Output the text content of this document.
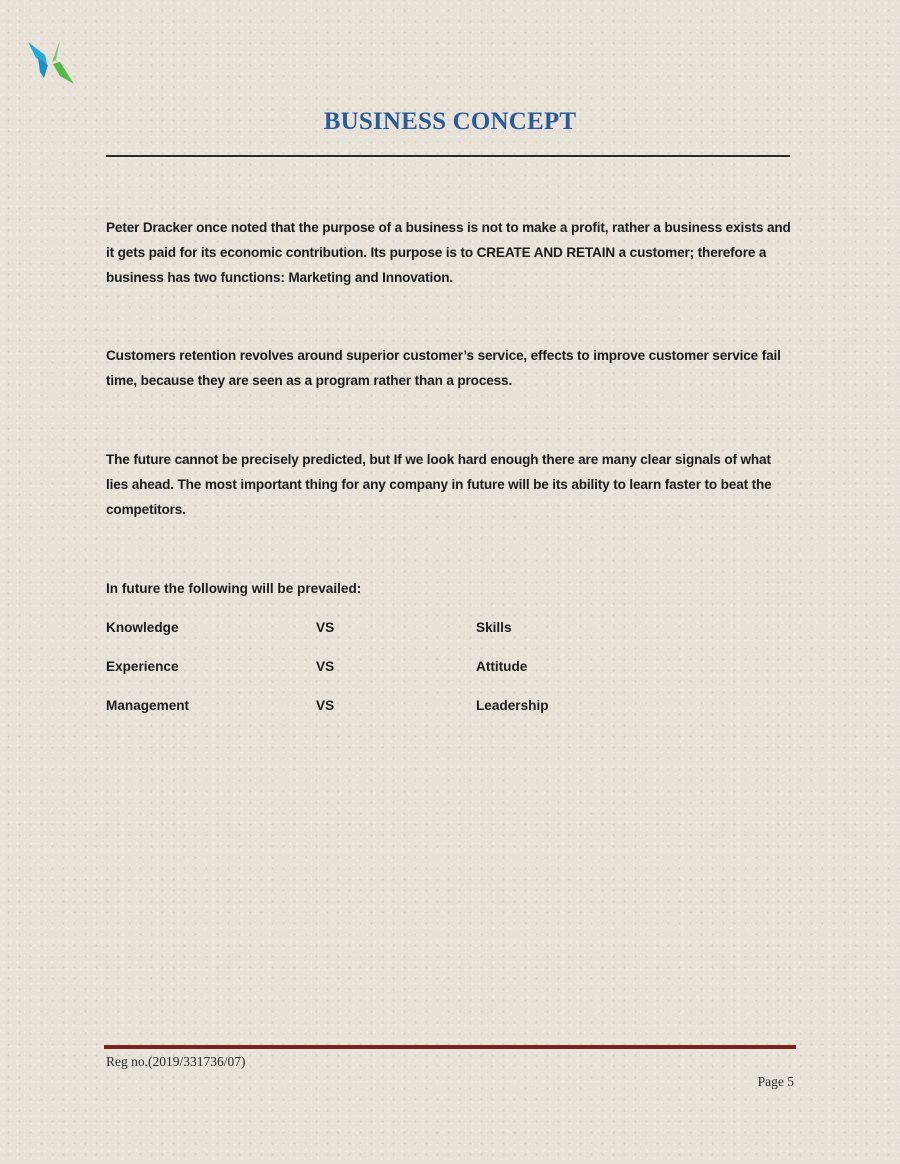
BUSINESS CONCEPT

Peter Dracker once noted that the purpose of a business is not to make a profit, rather a business exists and it gets paid for its economic contribution. Its purpose is to CREATE AND RETAIN a customer; therefore a business has two functions: Marketing and Innovation.

Customers retention revolves around superior customer’s service, effects to improve customer service fail time, because they are seen as a program rather than a process.

The future cannot be precisely predicted, but If we look hard enough there are many clear signals of what lies ahead. The most important thing for any company in future will be its ability to learn faster to beat the competitors.

In future the following will be prevailed:

Knowledge	VS	Skills
Experience	VS	Attitude
Management	VS	Leadership

Reg no.(2019/331736/07)

Page 5
